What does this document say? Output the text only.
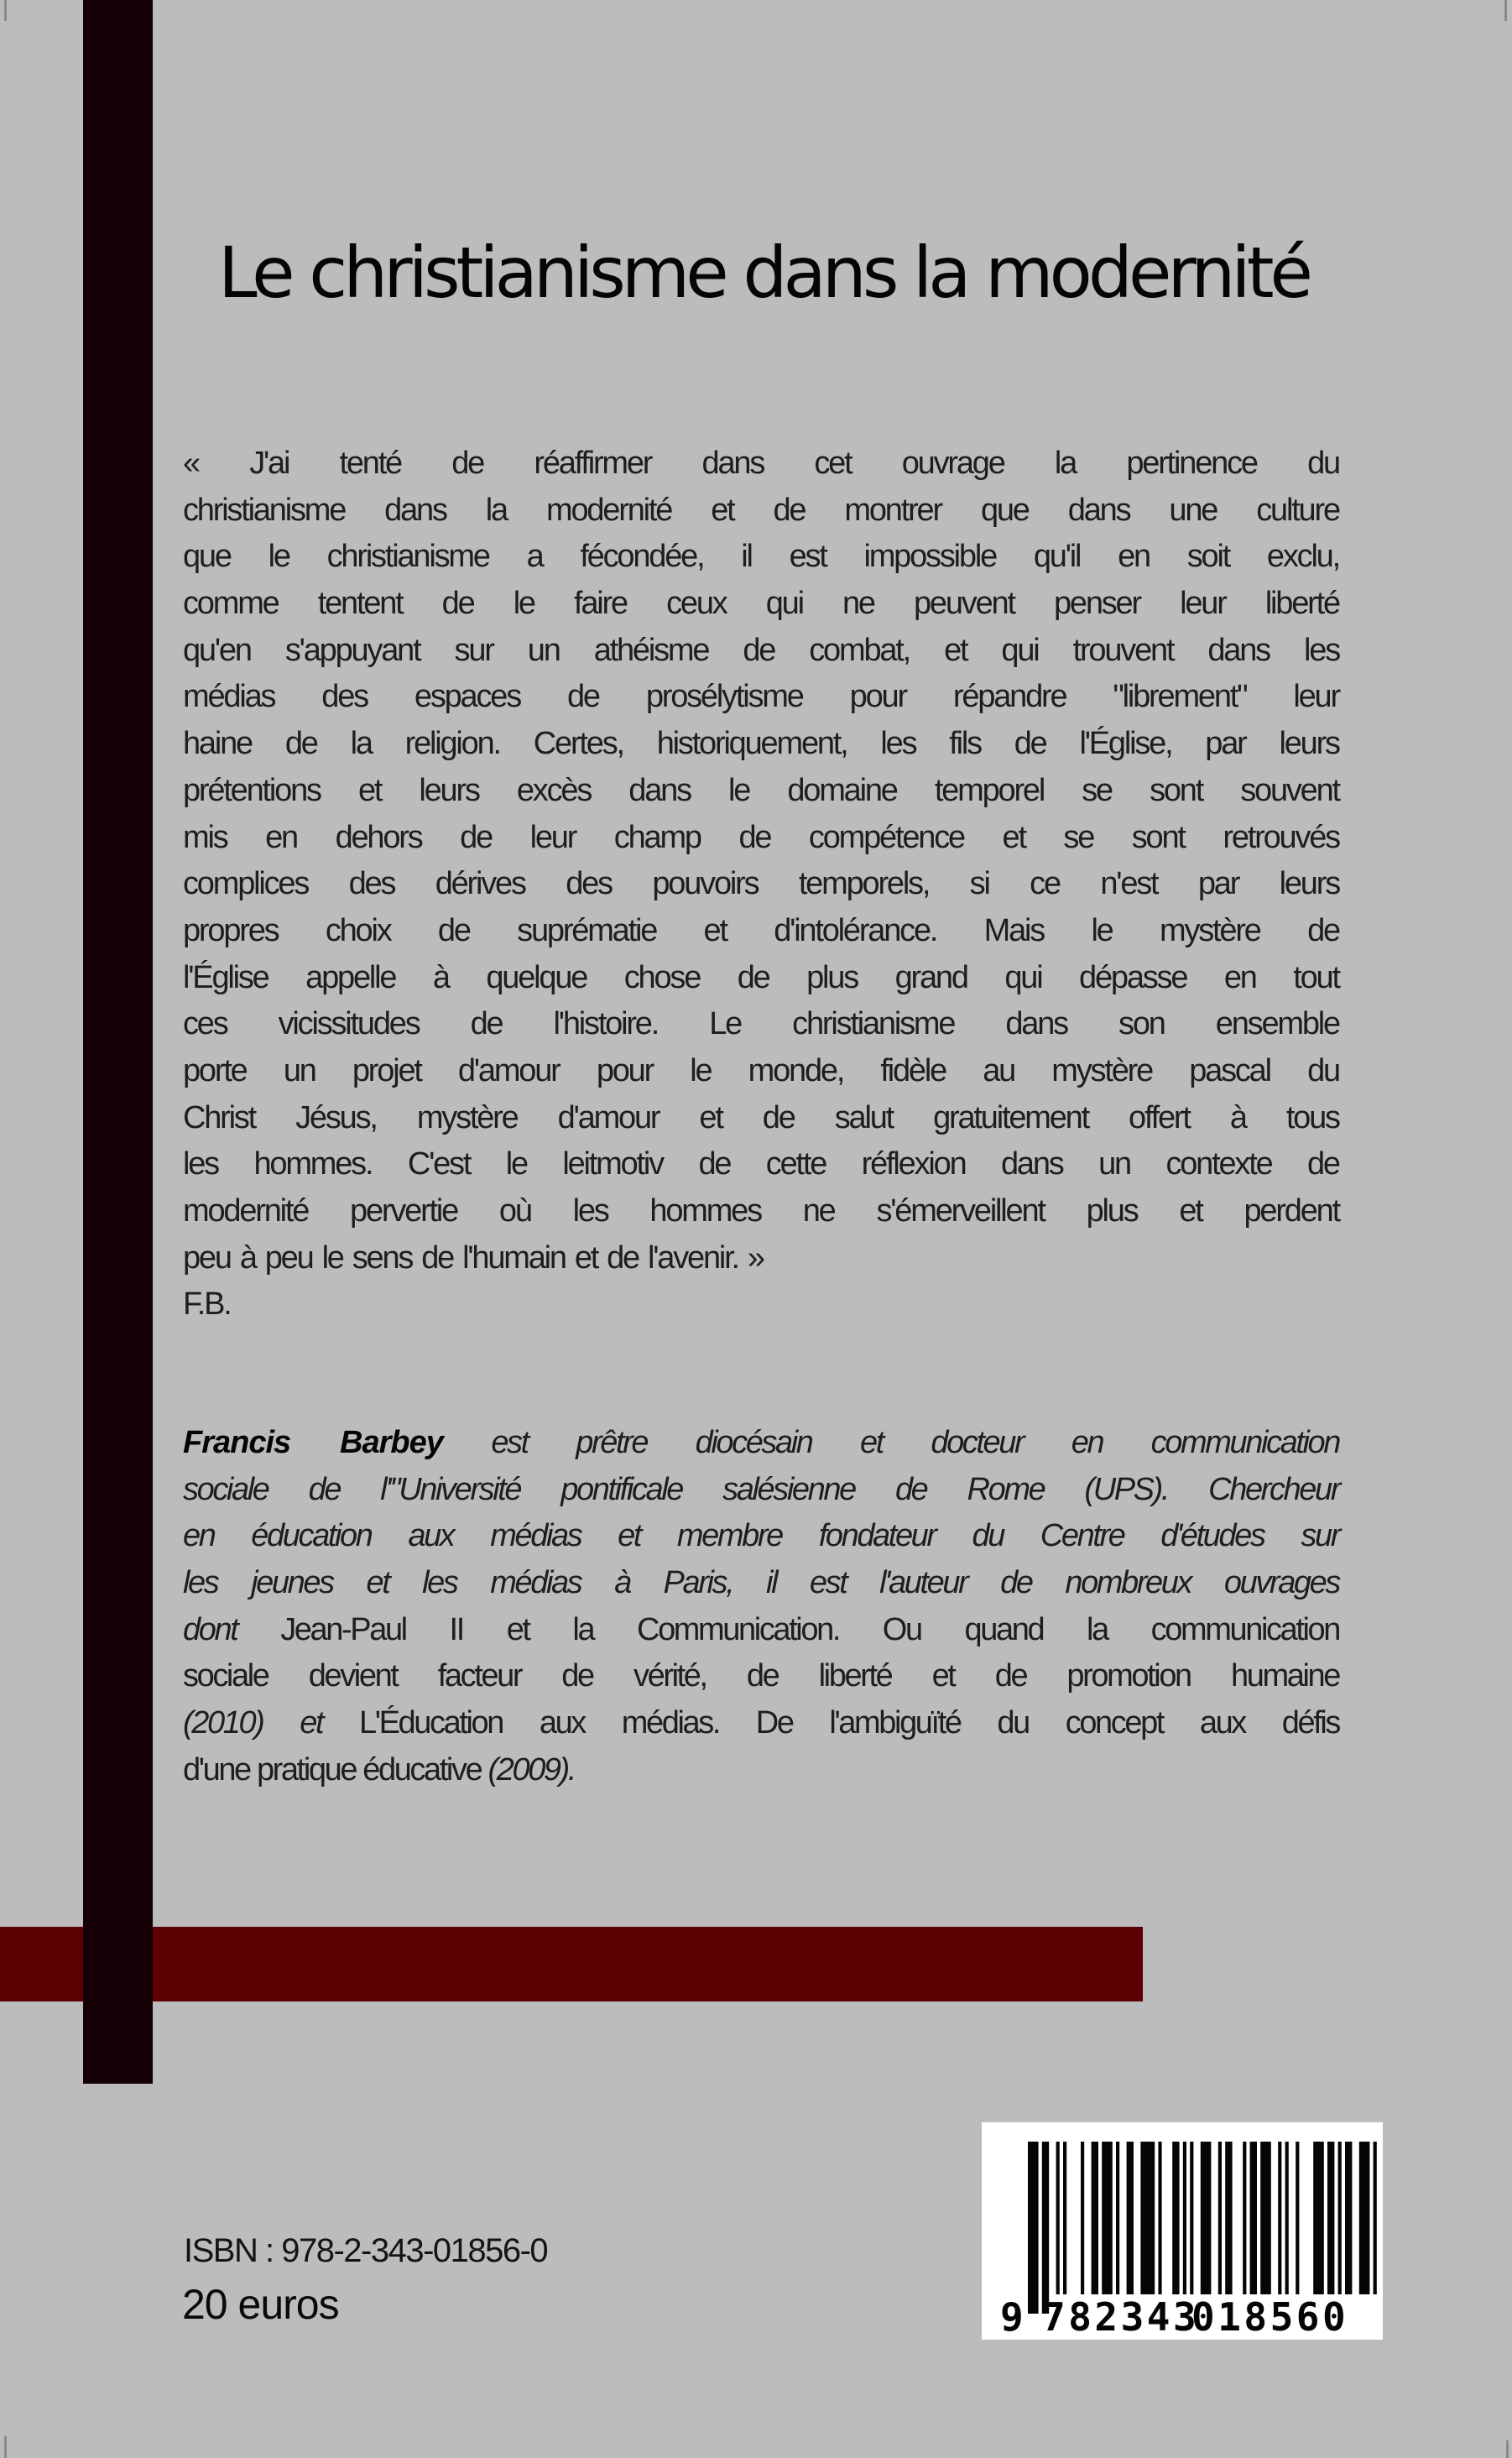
Le christianisme dans la modernité
« J'ai tenté de réaffirmer dans cet ouvrage la pertinence du
christianisme dans la modernité et de montrer que dans une culture
que le christianisme a fécondée, il est impossible qu'il en soit exclu,
comme tentent de le faire ceux qui ne peuvent penser leur liberté
qu'en s'appuyant sur un athéisme de combat, et qui trouvent dans les
médias des espaces de prosélytisme pour répandre "librement" leur
haine de la religion. Certes, historiquement, les fils de l'Église, par leurs
prétentions et leurs excès dans le domaine temporel se sont souvent
mis en dehors de leur champ de compétence et se sont retrouvés
complices des dérives des pouvoirs temporels, si ce n'est par leurs
propres choix de suprématie et d'intolérance. Mais le mystère de
l'Église appelle à quelque chose de plus grand qui dépasse en tout
ces vicissitudes de l'histoire. Le christianisme dans son ensemble
porte un projet d'amour pour le monde, fidèle au mystère pascal du
Christ Jésus, mystère d'amour et de salut gratuitement offert à tous
les hommes. C'est le leitmotiv de cette réflexion dans un contexte de
modernité pervertie où les hommes ne s'émerveillent plus et perdent
peu à peu le sens de l'humain et de l'avenir. »
F.B.
Francis Barbey est prêtre diocésain et docteur en communication
sociale de l'"Université pontificale salésienne de Rome (UPS). Chercheur
en éducation aux médias et membre fondateur du Centre d'études sur
les jeunes et les médias à Paris, il est l'auteur de nombreux ouvrages
dont Jean-Paul II et la Communication. Ou quand la communication
sociale devient facteur de vérité, de liberté et de promotion humaine
(2010) et L'Éducation aux médias. De l'ambiguïté du concept aux défis
d'une pratique éducative (2009).
ISBN : 978-2-343-01856-0
20 euros	9 782343
018560
